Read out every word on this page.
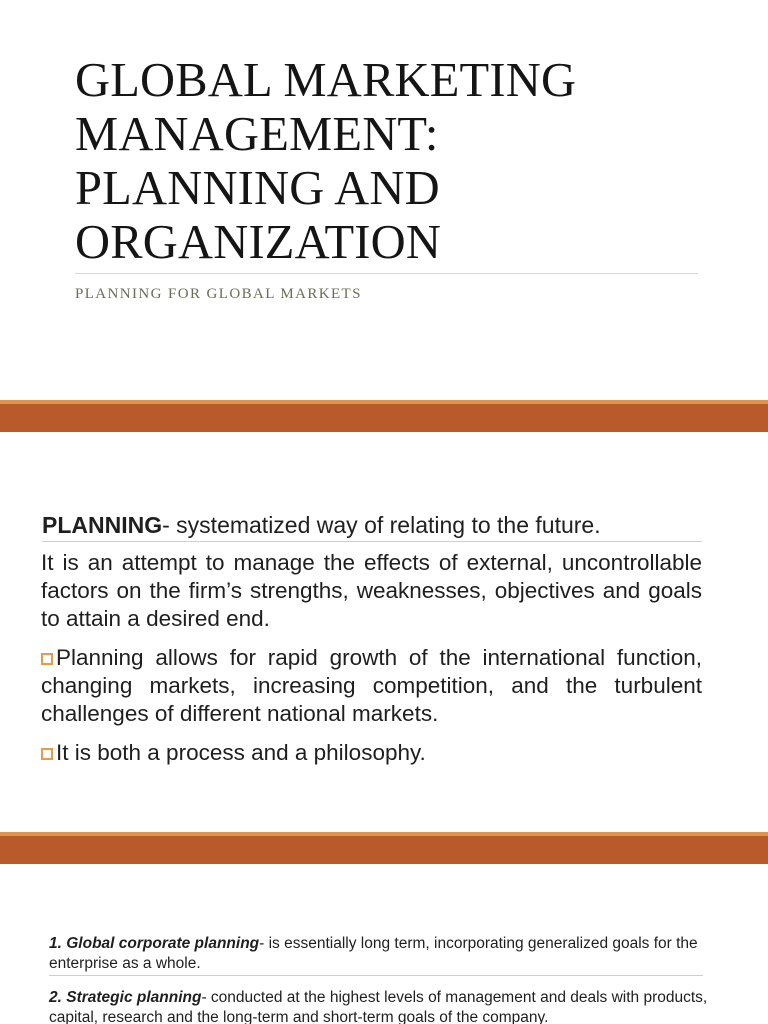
GLOBAL MARKETING
MANAGEMENT:
PLANNING AND
ORGANIZATION
PLANNING FOR GLOBAL MARKETS
PLANNING- systematized way of relating to the future.
It is an attempt to manage the effects of external, uncontrollable factors on the firm’s strengths, weaknesses, objectives and goals to attain a desired end.
Planning allows for rapid growth of the international function, changing markets, increasing competition, and the turbulent challenges of different national markets.
It is both a process and a philosophy.
1. Global corporate planning- is essentially long term, incorporating generalized goals for the enterprise as a whole.
2. Strategic planning- conducted at the highest levels of management and deals with products, capital, research and the long-term and short-term goals of the company.
